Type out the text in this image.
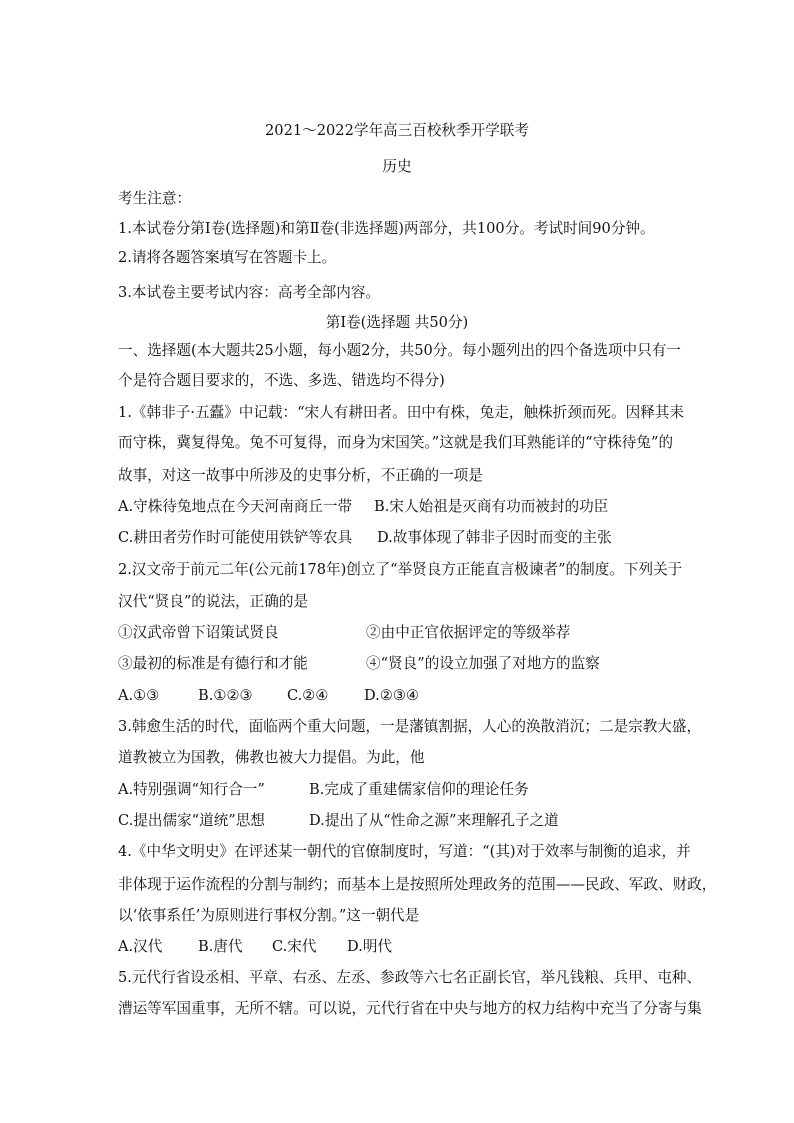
2021～2022学年高三百校秋季开学联考
历史
考生注意：
1.本试卷分第Ⅰ卷(选择题)和第Ⅱ卷(非选择题)两部分，共100分。考试时间90分钟。
2.请将各题答案填写在答题卡上。
3.本试卷主要考试内容：高考全部内容。
第Ⅰ卷(选择题 共50分)
一、选择题(本大题共25小题，每小题2分，共50分。每小题列出的四个备选项中只有一
个是符合题目要求的，不选、多选、错选均不得分)
1.《韩非子·五蠹》中记载：“宋人有耕田者。田中有株，兔走，触株折颈而死。因释其耒
而守株，冀复得兔。兔不可复得，而身为宋国笑。”这就是我们耳熟能详的“守株待兔”的
故事，对这一故事中所涉及的史事分析，不正确的一项是
A.守株待兔地点在今天河南商丘一带 B.宋人始祖是灭商有功而被封的功臣
C.耕田者劳作时可能使用铁铲等农具 D.故事体现了韩非子因时而变的主张
2.汉文帝于前元二年(公元前178年)创立了“举贤良方正能直言极谏者”的制度。下列关于
汉代“贤良”的说法，正确的是
①汉武帝曾下诏策试贤良	②由中正官依据评定的等级举荐
③最初的标准是有德行和才能	④“贤良”的设立加强了对地方的监察
A.①③	B.①②③ C.②④ D.②③④
3.韩愈生活的时代，面临两个重大问题，一是藩镇割据，人心的涣散消沉；二是宗教大盛，
道教被立为国教，佛教也被大力提倡。为此，他
A.特别强调“知行合一”	B.完成了重建儒家信仰的理论任务
C.提出儒家“道统”思想	D.提出了从“性命之源”来理解孔子之道
4.《中华文明史》在评述某一朝代的官僚制度时，写道：“(其)对于效率与制衡的追求，并
非体现于运作流程的分割与制约；而基本上是按照所处理政务的范围——民政、军政、财政，
以‘依事系任’为原则进行事权分割。”这一朝代是
A.汉代 B.唐代 C.宋代 D.明代
5.元代行省设丞相、平章、右丞、左丞、参政等六七名正副长官，举凡钱粮、兵甲、屯种、
漕运等军国重事，无所不辖。可以说，元代行省在中央与地方的权力结构中充当了分寄与集
